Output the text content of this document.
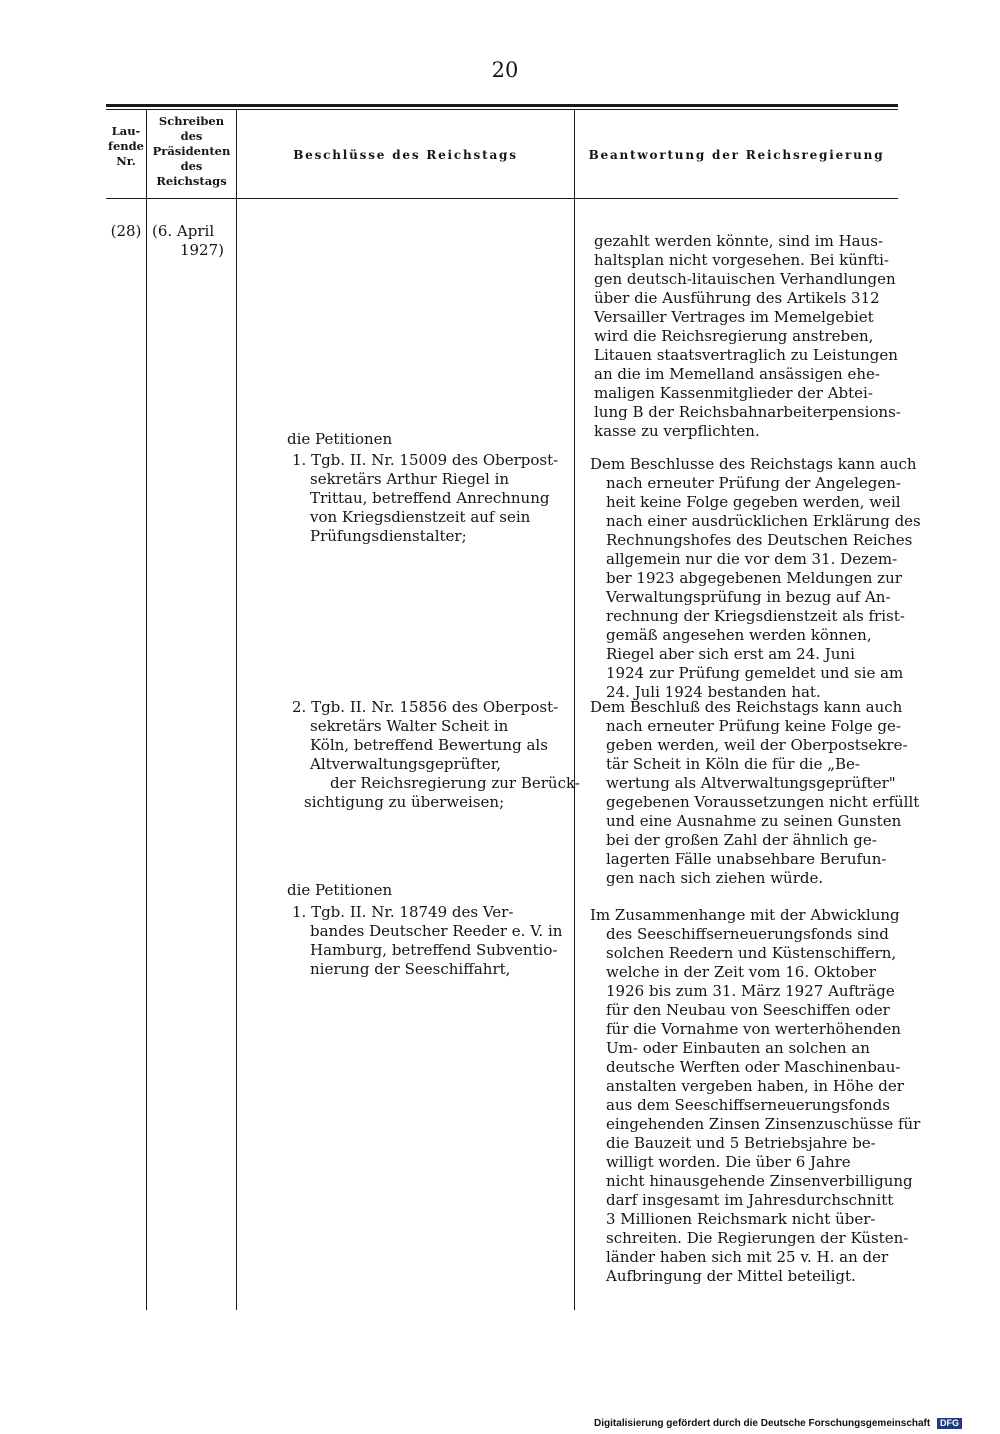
20
Lau-
fende
Nr.
Schreiben
des
Präsidenten
des
Reichstags
Beschlüsse des Reichstags	Beantwortung der Reichsregierung
(28) (6. April
1927)	gezahlt werden könnte, sind im Haus-
haltsplan nicht vorgesehen. Bei künfti-
gen deutsch-litauischen Verhandlungen
über die Ausführung des Artikels 312
Versailler Vertrages im Memelgebiet
wird die Reichsregierung anstreben,
Litauen staatsvertraglich zu Leistungen
an die im Memelland ansässigen ehe-
maligen Kassenmitglieder der Abtei-
lung B der Reichsbahnarbeiterpensions-
kasse zu verpflichten.
die Petitionen
1. Tgb. II. Nr. 15009 des Oberpost-
sekretärs Arthur Riegel in
Trittau, betreffend Anrechnung
von Kriegsdienstzeit auf sein
Prüfungsdienstalter;
Dem Beschlusse des Reichstags kann auch
nach erneuter Prüfung der Angelegen-
heit keine Folge gegeben werden, weil
nach einer ausdrücklichen Erklärung des
Rechnungshofes des Deutschen Reiches
allgemein nur die vor dem 31. Dezem-
ber 1923 abgegebenen Meldungen zur
Verwaltungsprüfung in bezug auf An-
rechnung der Kriegsdienstzeit als frist-
gemäß angesehen werden können,
Riegel aber sich erst am 24. Juni
1924 zur Prüfung gemeldet und sie am
24. Juli 1924 bestanden hat.
2. Tgb. II. Nr. 15856 des Oberpost-
sekretärs Walter Scheit in
Köln, betreffend Bewertung als
Altverwaltungsgeprüfter,
der Reichsregierung zur Berück-
sichtigung zu überweisen;
Dem Beschluß des Reichstags kann auch
nach erneuter Prüfung keine Folge ge-
geben werden, weil der Oberpostsekre-
tär Scheit in Köln die für die „Be-
wertung als Altverwaltungsgeprüfter"
gegebenen Voraussetzungen nicht erfüllt
und eine Ausnahme zu seinen Gunsten
bei der großen Zahl der ähnlich ge-
lagerten Fälle unabsehbare Berufun-
gen nach sich ziehen würde.
die Petitionen
1. Tgb. II. Nr. 18749 des Ver-
bandes Deutscher Reeder e. V. in
Hamburg, betreffend Subventio-
nierung der Seeschiffahrt,
Im Zusammenhange mit der Abwicklung
des Seeschiffserneuerungsfonds sind
solchen Reedern und Küstenschiffern,
welche in der Zeit vom 16. Oktober
1926 bis zum 31. März 1927 Aufträge
für den Neubau von Seeschiffen oder
für die Vornahme von werterhöhenden
Um- oder Einbauten an solchen an
deutsche Werften oder Maschinenbau-
anstalten vergeben haben, in Höhe der
aus dem Seeschiffserneuerungsfonds
eingehenden Zinsen Zinsenzuschüsse für
die Bauzeit und 5 Betriebsjahre be-
willigt worden. Die über 6 Jahre
nicht hinausgehende Zinsenverbilligung
darf insgesamt im Jahresdurchschnitt
3 Millionen Reichsmark nicht über-
schreiten. Die Regierungen der Küsten-
länder haben sich mit 25 v. H. an der
Aufbringung der Mittel beteiligt.
Digitalisierung gefördert durch die Deutsche Forschungsgemeinschaft DFG
